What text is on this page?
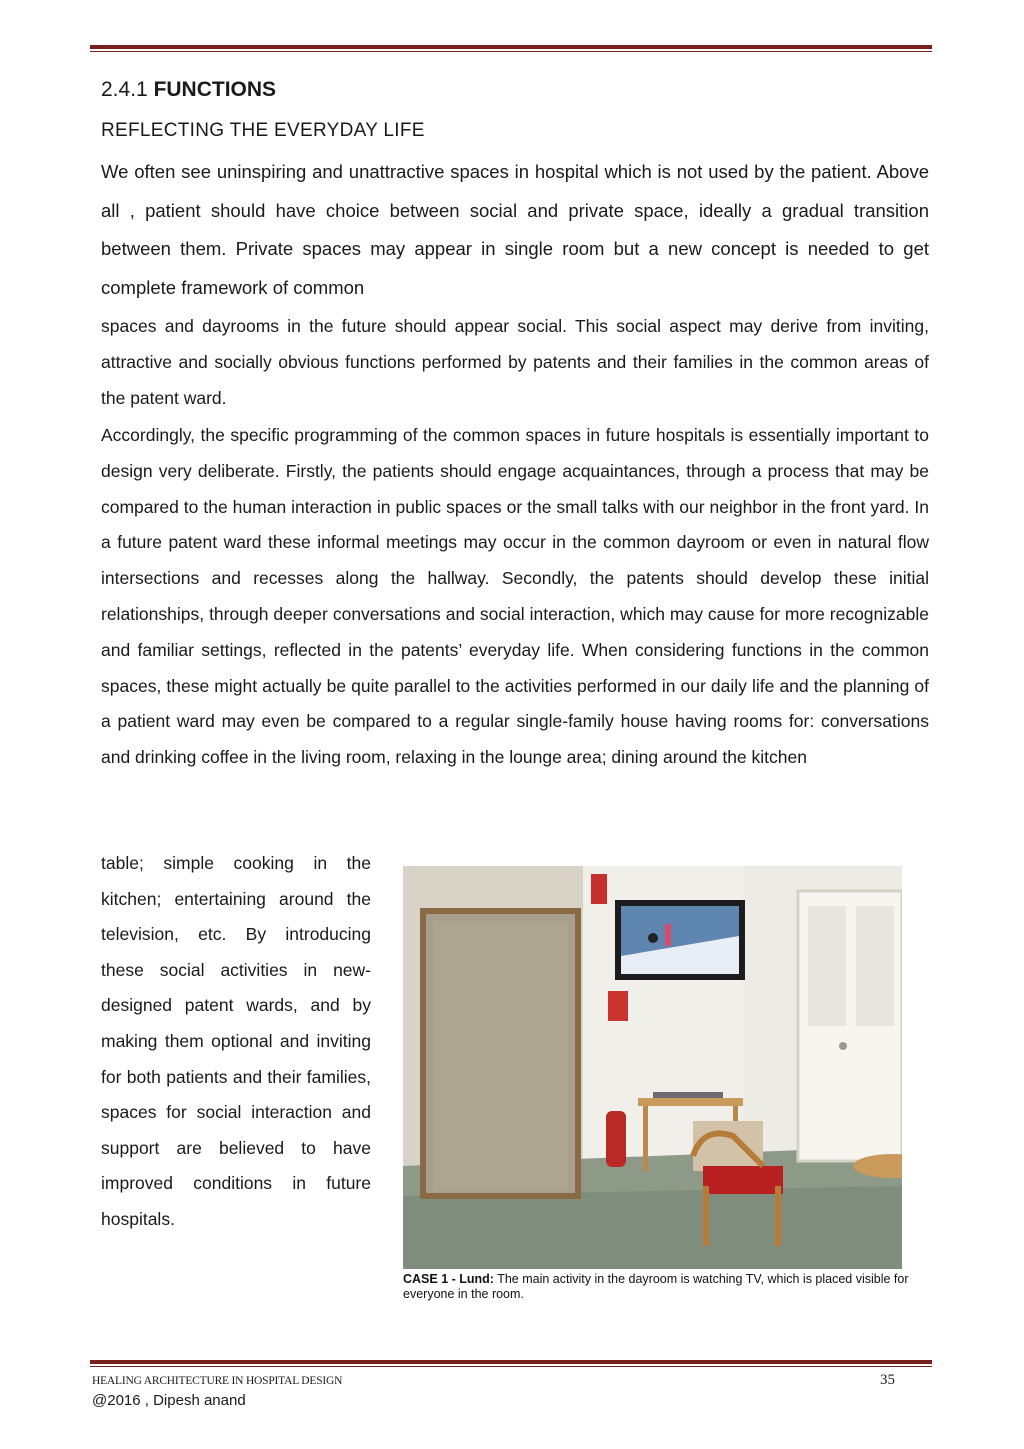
2.4.1 FUNCTIONS
REFLECTING THE EVERYDAY LIFE

We often see uninspiring and unattractive spaces in hospital which is not used by the patient. Above all , patient should have choice between social and private space, ideally a gradual transition between them. Private spaces may appear in single room but a new concept is needed to get complete framework of common

spaces and dayrooms in the future should appear social. This social aspect may derive from inviting, attractive and socially obvious functions performed by patents and their families in the common areas of the patent ward.

Accordingly, the specific programming of the common spaces in future hospitals is essentially important to design very deliberate. Firstly, the patients should engage acquaintances, through a process that may be compared to the human interaction in public spaces or the small talks with our neighbor in the front yard. In a future patent ward these informal meetings may occur in the common dayroom or even in natural flow intersections and recesses along the hallway. Secondly, the patents should develop these initial relationships, through deeper conversations and social interaction, which may cause for more recognizable and familiar settings, reflected in the patents’ everyday life. When considering functions in the common spaces, these might actually be quite parallel to the activities performed in our daily life and the planning of a patient ward may even be compared to a regular single-family house having rooms for: conversations and drinking coffee in the living room, relaxing in the lounge area; dining around the kitchen

table; simple cooking in the kitchen; entertaining around the television, etc. By introducing these social activities in new-designed patent wards, and by making them optional and inviting for both patients and their families, spaces for social interaction and support are believed to have improved conditions in future hospitals.

CASE 1 - Lund: The main activity in the dayroom is watching TV, which is placed visible for everyone in the room.
HEALING ARCHITECTURE IN HOSPITAL DESIGN
@2016 , Dipesh anand
35
